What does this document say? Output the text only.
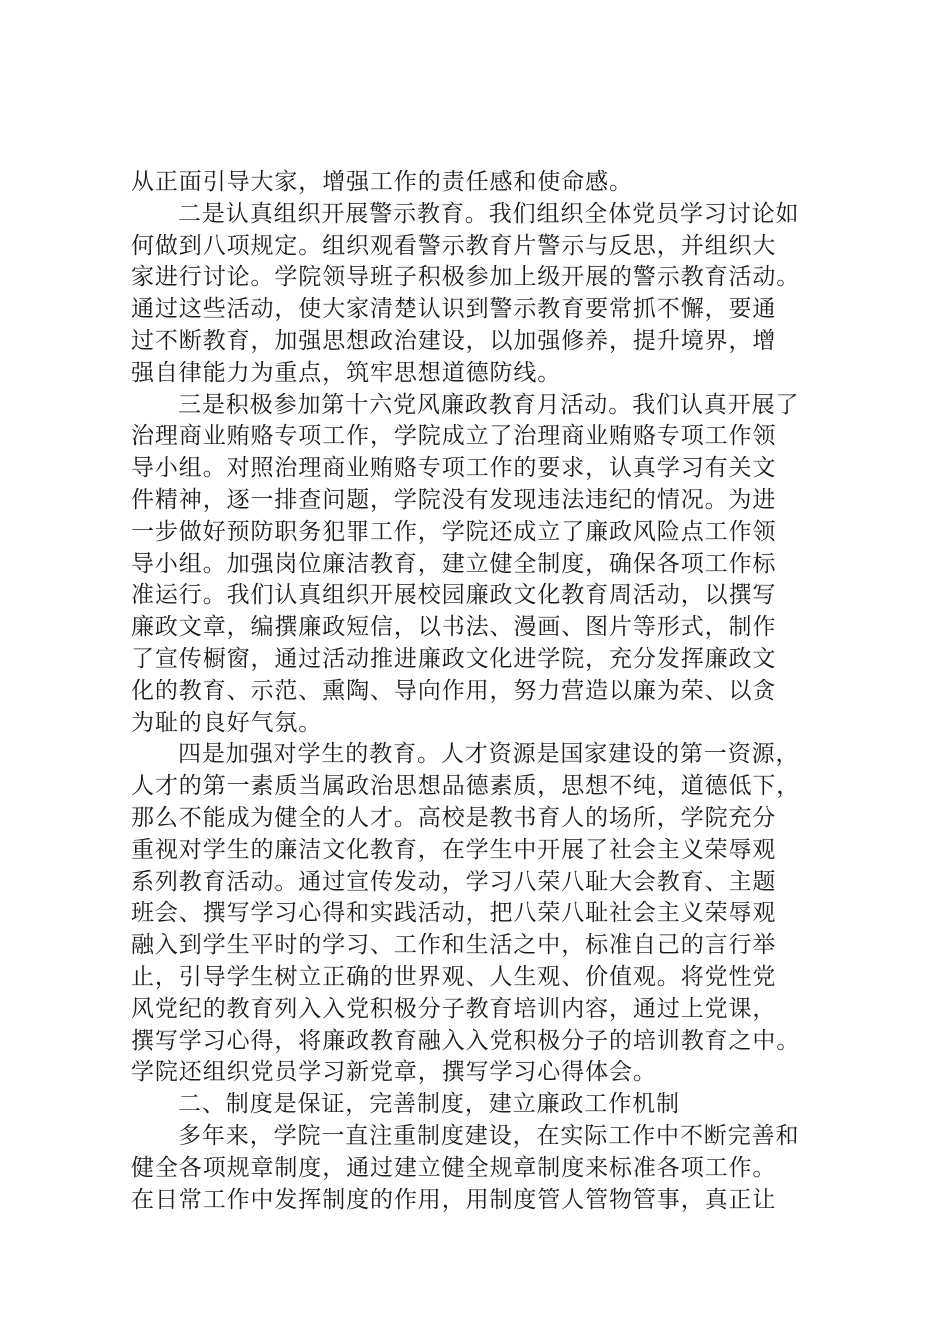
从正面引导大家，增强工作的责任感和使命感。
二是认真组织开展警示教育。我们组织全体党员学习讨论如
何做到八项规定。组织观看警示教育片警示与反思，并组织大
家进行讨论。学院领导班子积极参加上级开展的警示教育活动。
通过这些活动，使大家清楚认识到警示教育要常抓不懈，要通
过不断教育，加强思想政治建设，以加强修养，提升境界，增
强自律能力为重点，筑牢思想道德防线。
三是积极参加第十六党风廉政教育月活动。我们认真开展了
治理商业贿赂专项工作，学院成立了治理商业贿赂专项工作领
导小组。对照治理商业贿赂专项工作的要求，认真学习有关文
件精神，逐一排查问题，学院没有发现违法违纪的情况。为进
一步做好预防职务犯罪工作，学院还成立了廉政风险点工作领
导小组。加强岗位廉洁教育，建立健全制度，确保各项工作标
准运行。我们认真组织开展校园廉政文化教育周活动，以撰写
廉政文章，编撰廉政短信，以书法、漫画、图片等形式，制作
了宣传橱窗，通过活动推进廉政文化进学院，充分发挥廉政文
化的教育、示范、熏陶、导向作用，努力营造以廉为荣、以贪
为耻的良好气氛。
四是加强对学生的教育。人才资源是国家建设的第一资源，
人才的第一素质当属政治思想品德素质，思想不纯，道德低下，
那么不能成为健全的人才。高校是教书育人的场所，学院充分
重视对学生的廉洁文化教育，在学生中开展了社会主义荣辱观
系列教育活动。通过宣传发动，学习八荣八耻大会教育、主题
班会、撰写学习心得和实践活动，把八荣八耻社会主义荣辱观
融入到学生平时的学习、工作和生活之中，标准自己的言行举
止，引导学生树立正确的世界观、人生观、价值观。将党性党
风党纪的教育列入入党积极分子教育培训内容，通过上党课，
撰写学习心得，将廉政教育融入入党积极分子的培训教育之中。
学院还组织党员学习新党章，撰写学习心得体会。
二、制度是保证，完善制度，建立廉政工作机制
多年来，学院一直注重制度建设，在实际工作中不断完善和
健全各项规章制度，通过建立健全规章制度来标准各项工作。
在日常工作中发挥制度的作用，用制度管人管物管事，真正让
